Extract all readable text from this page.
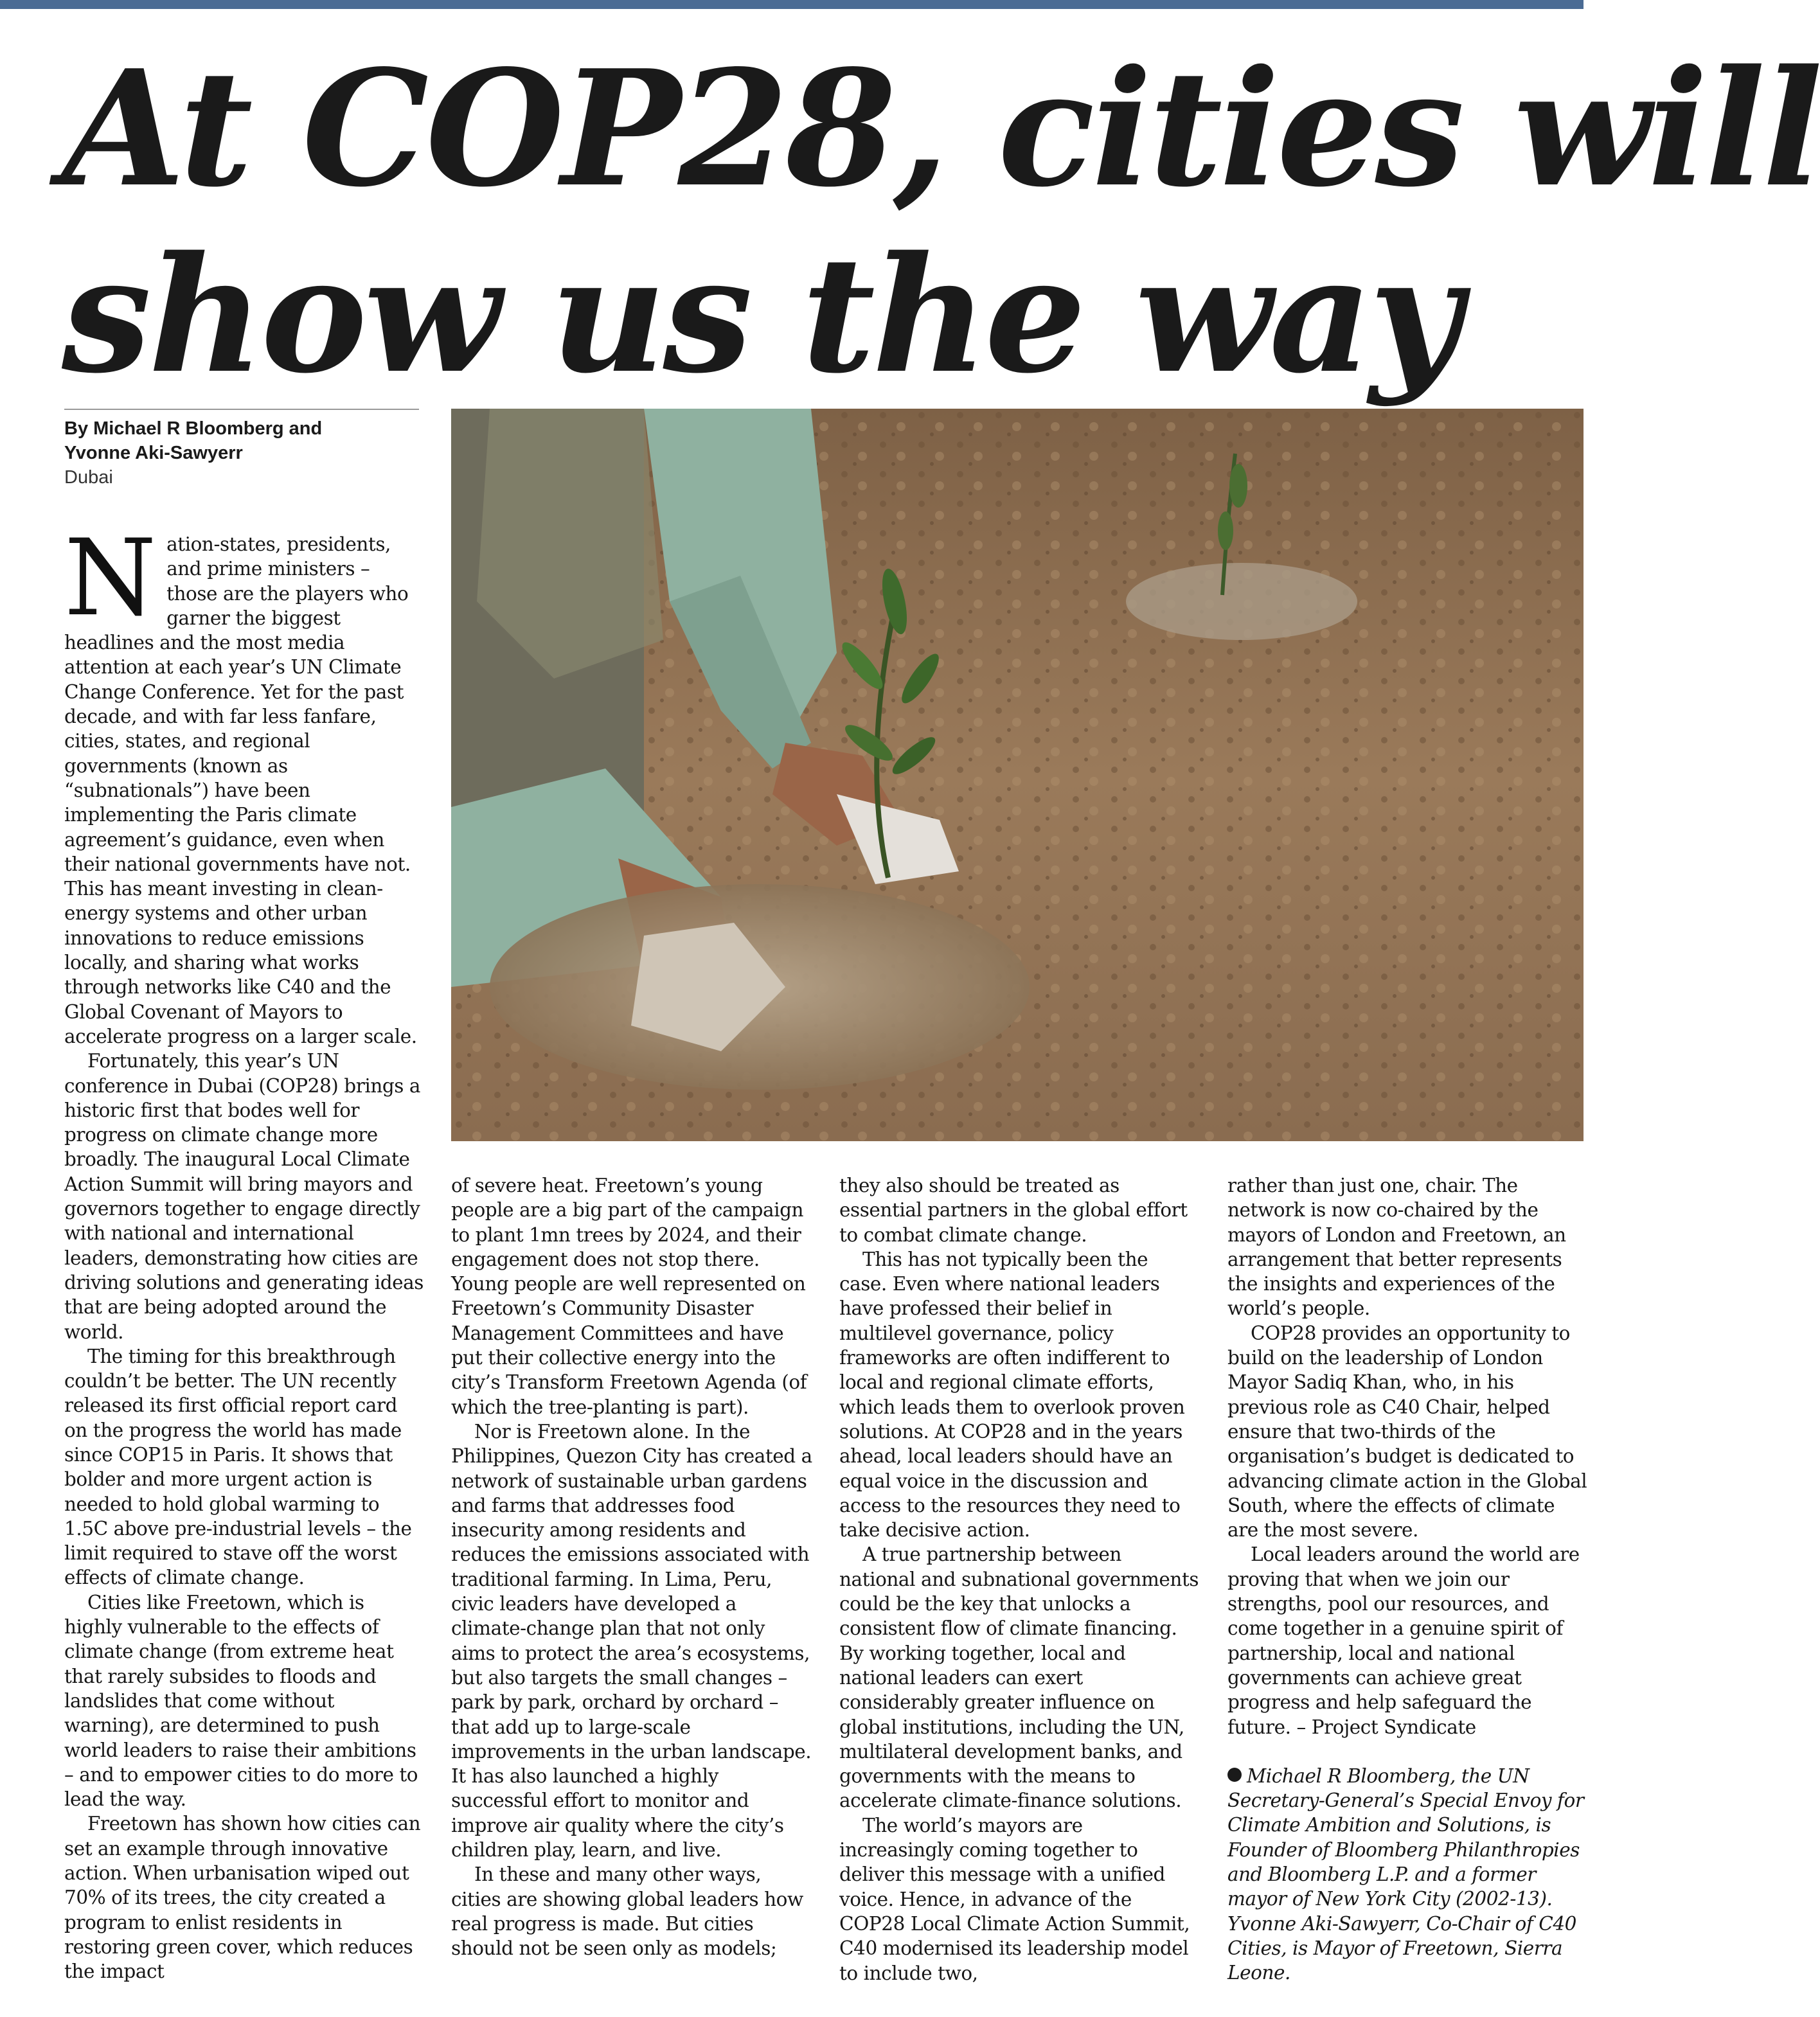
At COP28, cities will
show us the way
By Michael R Bloomberg and
Yvonne Aki-Sawyerr
Dubai

Nation-states, presidents, and prime ministers – those are the players who garner the biggest headlines and the most media attention at each year’s UN Climate Change Conference. Yet for the past decade, and with far less fanfare, cities, states, and regional governments (known as “subnationals”) have been implementing the Paris climate agreement’s guidance, even when their national governments have not. This has meant investing in clean-energy systems and other urban innovations to reduce emissions locally, and sharing what works through networks like C40 and the Global Covenant of Mayors to accelerate progress on a larger scale.

Fortunately, this year’s UN conference in Dubai (COP28) brings a historic first that bodes well for progress on climate change more broadly. The inaugural Local Climate Action Summit will bring mayors and governors together to engage directly with national and international leaders, demonstrating how cities are driving solutions and generating ideas that are being adopted around the world.

The timing for this breakthrough couldn’t be better. The UN recently released its first official report card on the progress the world has made since COP15 in Paris. It shows that bolder and more urgent action is needed to hold global warming to 1.5C above pre-industrial levels – the limit required to stave off the worst effects of climate change.

Cities like Freetown, which is highly vulnerable to the effects of climate change (from extreme heat that rarely subsides to floods and landslides that come without warning), are determined to push world leaders to raise their ambitions – and to empower cities to do more to lead the way.

Freetown has shown how cities can set an example through innovative action. When urbanisation wiped out 70% of its trees, the city created a program to enlist residents in restoring green cover, which reduces the impact

of severe heat. Freetown’s young people are a big part of the campaign to plant 1mn trees by 2024, and their engagement does not stop there. Young people are well represented on Freetown’s Community Disaster Management Committees and have put their collective energy into the city’s Transform Freetown Agenda (of which the tree-planting is part).

Nor is Freetown alone. In the Philippines, Quezon City has created a network of sustainable urban gardens and farms that addresses food insecurity among residents and reduces the emissions associated with traditional farming. In Lima, Peru, civic leaders have developed a climate-change plan that not only aims to protect the area’s ecosystems, but also targets the small changes – park by park, orchard by orchard – that add up to large-scale improvements in the urban landscape. It has also launched a highly successful effort to monitor and improve air quality where the city’s children play, learn, and live.

In these and many other ways, cities are showing global leaders how real progress is made. But cities should not be seen only as models;

they also should be treated as essential partners in the global effort to combat climate change.

This has not typically been the case. Even where national leaders have professed their belief in multilevel governance, policy frameworks are often indifferent to local and regional climate efforts, which leads them to overlook proven solutions. At COP28 and in the years ahead, local leaders should have an equal voice in the discussion and access to the resources they need to take decisive action.

A true partnership between national and subnational governments could be the key that unlocks a consistent flow of climate financing. By working together, local and national leaders can exert considerably greater influence on global institutions, including the UN, multilateral development banks, and governments with the means to accelerate climate-finance solutions.

The world’s mayors are increasingly coming together to deliver this message with a unified voice. Hence, in advance of the COP28 Local Climate Action Summit, C40 modernised its leadership model to include two,

rather than just one, chair. The network is now co-chaired by the mayors of London and Freetown, an arrangement that better represents the insights and experiences of the world’s people.

COP28 provides an opportunity to build on the leadership of London Mayor Sadiq Khan, who, in his previous role as C40 Chair, helped ensure that two-thirds of the organisation’s budget is dedicated to advancing climate action in the Global South, where the effects of climate are the most severe.

Local leaders around the world are proving that when we join our strengths, pool our resources, and come together in a genuine spirit of partnership, local and national governments can achieve great progress and help safeguard the future. – Project Syndicate

Michael R Bloomberg, the UN Secretary-General’s Special Envoy for Climate Ambition and Solutions, is Founder of Bloomberg Philanthropies and Bloomberg L.P. and a former mayor of New York City (2002-13). Yvonne Aki-Sawyerr, Co-Chair of C40 Cities, is Mayor of Freetown, Sierra Leone.
